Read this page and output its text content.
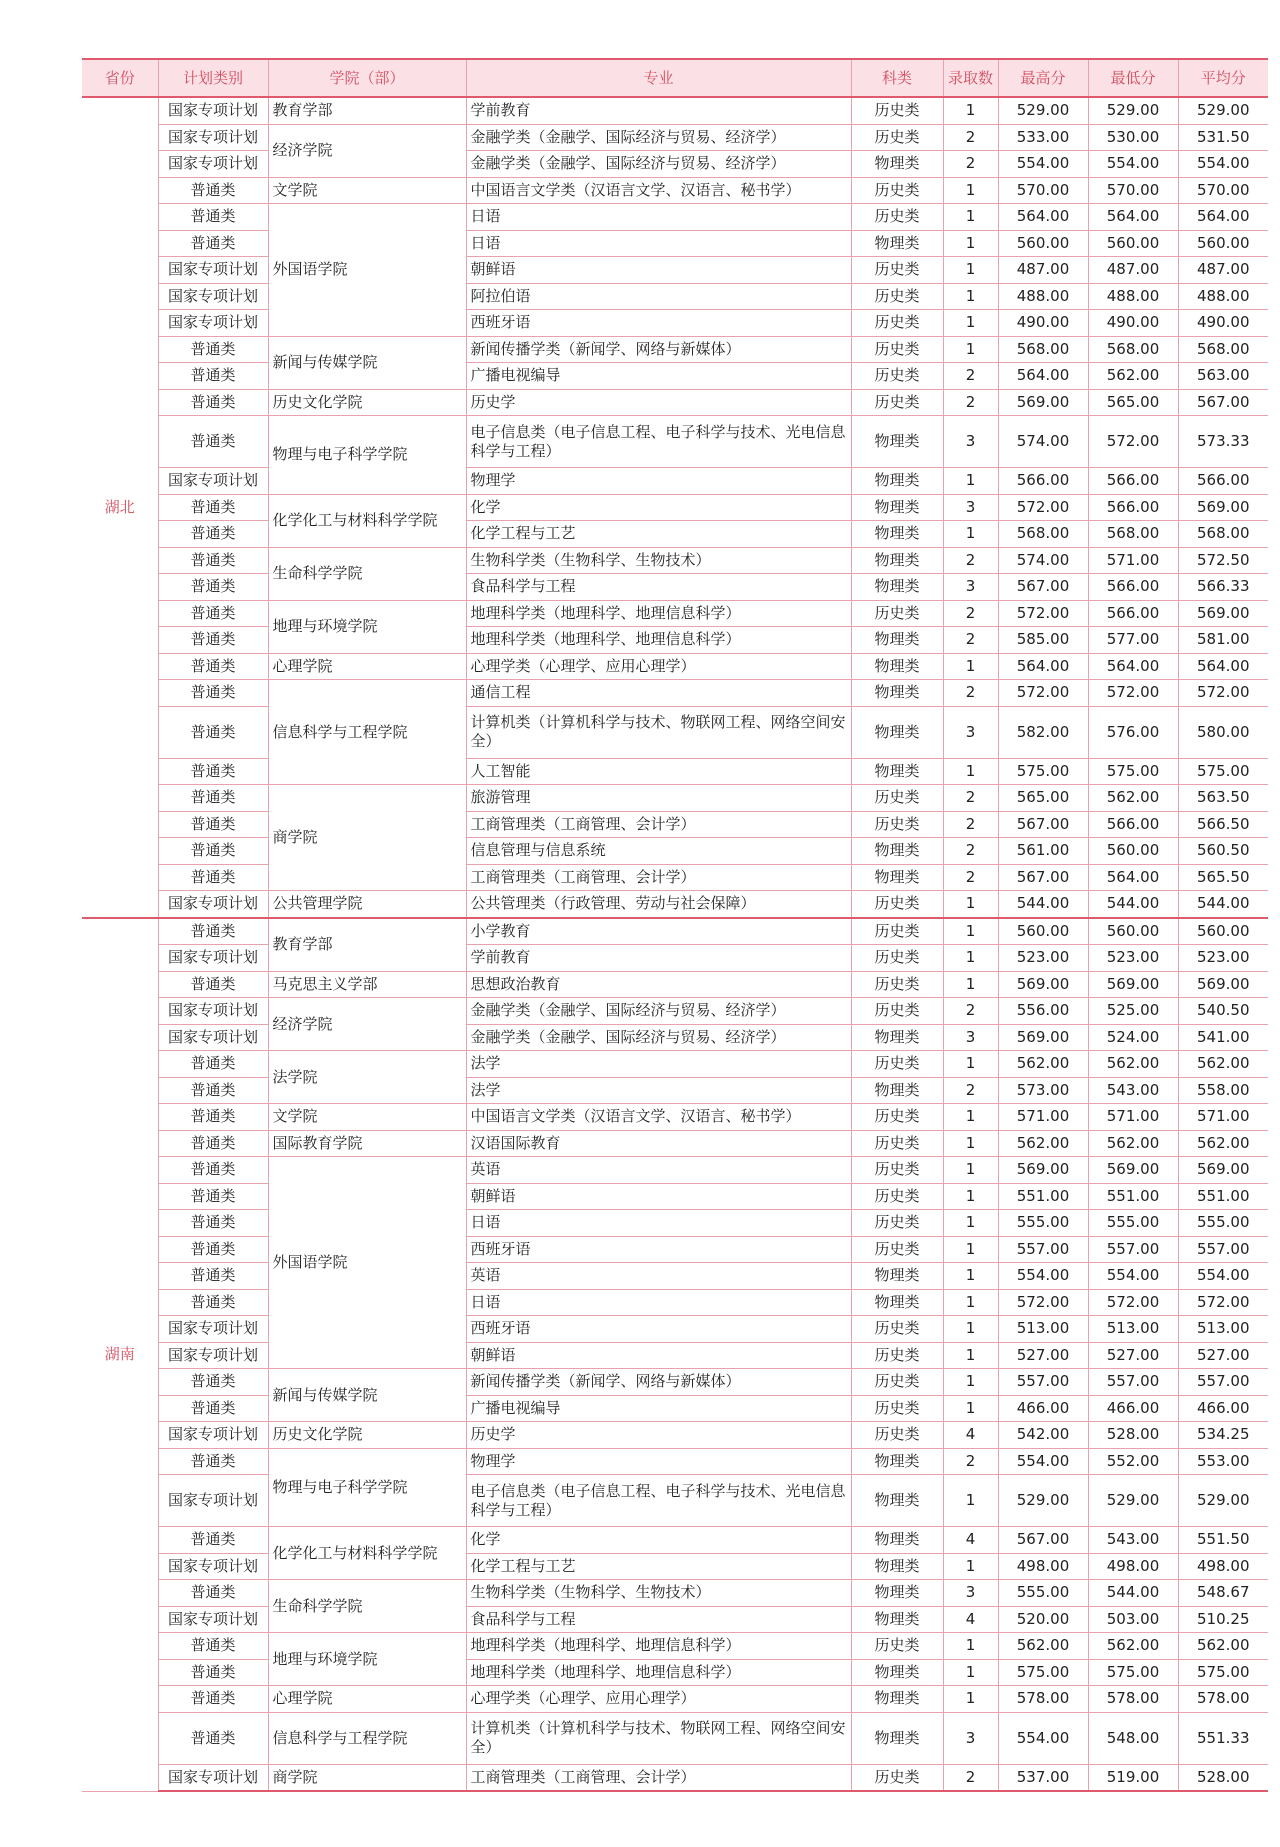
省份	计划类别	学院（部）	专业	科类	录取数	最高分	最低分	平均分
湖北	国家专项计划	教育学部	学前教育	历史类	1	529.00	529.00	529.00
	国家专项计划	经济学院	金融学类（金融学、国际经济与贸易、经济学）	历史类	2	533.00	530.00	531.50
	国家专项计划		金融学类（金融学、国际经济与贸易、经济学）	物理类	2	554.00	554.00	554.00
	普通类	文学院	中国语言文学类（汉语言文学、汉语言、秘书学）	历史类	1	570.00	570.00	570.00
	普通类	外国语学院	日语	历史类	1	564.00	564.00	564.00
	普通类		日语	物理类	1	560.00	560.00	560.00
	国家专项计划		朝鲜语	历史类	1	487.00	487.00	487.00
	国家专项计划		阿拉伯语	历史类	1	488.00	488.00	488.00
	国家专项计划		西班牙语	历史类	1	490.00	490.00	490.00
	普通类	新闻与传媒学院	新闻传播学类（新闻学、网络与新媒体）	历史类	1	568.00	568.00	568.00
	普通类		广播电视编导	历史类	2	564.00	562.00	563.00
	普通类	历史文化学院	历史学	历史类	2	569.00	565.00	567.00
	普通类	物理与电子科学学院	电子信息类（电子信息工程、电子科学与技术、光电信息科学与工程）	物理类	3	574.00	572.00	573.33
	国家专项计划		物理学	物理类	1	566.00	566.00	566.00
	普通类	化学化工与材料科学学院	化学	物理类	3	572.00	566.00	569.00
	普通类		化学工程与工艺	物理类	1	568.00	568.00	568.00
	普通类	生命科学学院	生物科学类（生物科学、生物技术）	物理类	2	574.00	571.00	572.50
	普通类		食品科学与工程	物理类	3	567.00	566.00	566.33
	普通类	地理与环境学院	地理科学类（地理科学、地理信息科学）	历史类	2	572.00	566.00	569.00
	普通类		地理科学类（地理科学、地理信息科学）	物理类	2	585.00	577.00	581.00
	普通类	心理学院	心理学类（心理学、应用心理学）	物理类	1	564.00	564.00	564.00
	普通类	信息科学与工程学院	通信工程	物理类	2	572.00	572.00	572.00
	普通类		计算机类（计算机科学与技术、物联网工程、网络空间安全）	物理类	3	582.00	576.00	580.00
	普通类		人工智能	物理类	1	575.00	575.00	575.00
	普通类	商学院	旅游管理	历史类	2	565.00	562.00	563.50
	普通类		工商管理类（工商管理、会计学）	历史类	2	567.00	566.00	566.50
	普通类		信息管理与信息系统	物理类	2	561.00	560.00	560.50
	普通类		工商管理类（工商管理、会计学）	物理类	2	567.00	564.00	565.50
	国家专项计划	公共管理学院	公共管理类（行政管理、劳动与社会保障）	历史类	1	544.00	544.00	544.00
湖南	普通类	教育学部	小学教育	历史类	1	560.00	560.00	560.00
	国家专项计划		学前教育	历史类	1	523.00	523.00	523.00
	普通类	马克思主义学部	思想政治教育	历史类	1	569.00	569.00	569.00
	国家专项计划	经济学院	金融学类（金融学、国际经济与贸易、经济学）	历史类	2	556.00	525.00	540.50
	国家专项计划		金融学类（金融学、国际经济与贸易、经济学）	物理类	3	569.00	524.00	541.00
	普通类	法学院	法学	历史类	1	562.00	562.00	562.00
	普通类		法学	物理类	2	573.00	543.00	558.00
	普通类	文学院	中国语言文学类（汉语言文学、汉语言、秘书学）	历史类	1	571.00	571.00	571.00
	普通类	国际教育学院	汉语国际教育	历史类	1	562.00	562.00	562.00
	普通类	外国语学院	英语	历史类	1	569.00	569.00	569.00
	普通类		朝鲜语	历史类	1	551.00	551.00	551.00
	普通类		日语	历史类	1	555.00	555.00	555.00
	普通类		西班牙语	历史类	1	557.00	557.00	557.00
	普通类		英语	物理类	1	554.00	554.00	554.00
	普通类		日语	物理类	1	572.00	572.00	572.00
	国家专项计划		西班牙语	历史类	1	513.00	513.00	513.00
	国家专项计划		朝鲜语	历史类	1	527.00	527.00	527.00
	普通类	新闻与传媒学院	新闻传播学类（新闻学、网络与新媒体）	历史类	1	557.00	557.00	557.00
	普通类		广播电视编导	历史类	1	466.00	466.00	466.00
	国家专项计划	历史文化学院	历史学	历史类	4	542.00	528.00	534.25
	普通类	物理与电子科学学院	物理学	物理类	2	554.00	552.00	553.00
	国家专项计划		电子信息类（电子信息工程、电子科学与技术、光电信息科学与工程）	物理类	1	529.00	529.00	529.00
	普通类	化学化工与材料科学学院	化学	物理类	4	567.00	543.00	551.50
	国家专项计划		化学工程与工艺	物理类	1	498.00	498.00	498.00
	普通类	生命科学学院	生物科学类（生物科学、生物技术）	物理类	3	555.00	544.00	548.67
	国家专项计划		食品科学与工程	物理类	4	520.00	503.00	510.25
	普通类	地理与环境学院	地理科学类（地理科学、地理信息科学）	历史类	1	562.00	562.00	562.00
	普通类		地理科学类（地理科学、地理信息科学）	物理类	1	575.00	575.00	575.00
	普通类	心理学院	心理学类（心理学、应用心理学）	物理类	1	578.00	578.00	578.00
	普通类	信息科学与工程学院	计算机类（计算机科学与技术、物联网工程、网络空间安全）	物理类	3	554.00	548.00	551.33
	国家专项计划	商学院	工商管理类（工商管理、会计学）	历史类	2	537.00	519.00	528.00
